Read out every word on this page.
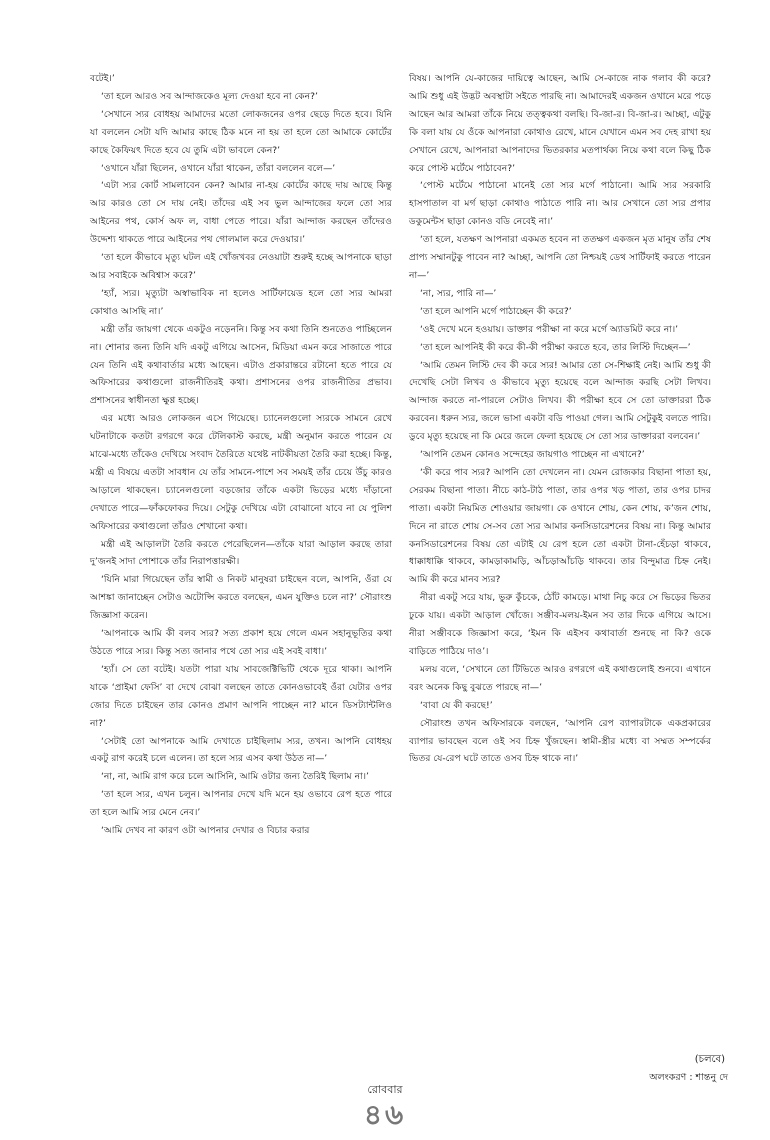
বটেই।’

‘তা হলে আরও সব আন্দাজকেও মূল্য দেওয়া হবে না কেন?’

‘সেখানে স্যর বোধহয় আমাদের মতো লোকজনের ওপর ছেড়ে দিতে হবে। যিনি যা বললেন সেটা যদি আমার কাছে ঠিক মনে না হয় তা হলে তো আমাকে কোর্টের কাছে কৈফিয়ৎ দিতে হবে যে তুমি এটা ভাবলে কেন?’

‘ওখানে যাঁরা ছিলেন, ওখানে যাঁরা থাকেন, তাঁরা বললেন বলে—’

‘এটা স্যর কোর্ট সামলাবেন কেন? আমার না-হয় কোর্টের কাছে দায় আছে কিন্তু আর কারও তো সে দায় নেই। তাঁদের এই সব ভুল আন্দাজের ফলে তো স্যর আইনের পথ, কোর্স অফ ল, বাধা পেতে পারে। যাঁরা আন্দাজ করছেন তাঁদেরও উদ্দেশ্য থাকতে পারে আইনের পথ গোলমাল করে দেওয়ার।’

‘তা হলে কীভাবে মৃত্যু ঘটল এই খোঁজখবর নেওয়াটা শুরুই হচ্ছে আপনাকে ছাড়া আর সবাইকে অবিশ্বাস করে?’

‘হ্যাঁ, স্যর। মৃত্যুটা অস্বাভাবিক না হলেও সার্টিফায়েড হলে তো স্যর আমরা কোথাও আসছি না।’

মন্ত্রী তাঁর জায়গা থেকে একটুও নড়েননি। কিন্তু সব কথা তিনি শুনতেও পাচ্ছিলেন না। শোনার জন্য তিনি যদি একটু এগিয়ে আসেন, মিডিয়া এমন করে সাজাতে পারে যেন তিনি এই কথাবার্তার মধ্যে আছেন। এটাও প্রকারান্তরে রটানো হতে পারে যে অফিসারের কথাগুলো রাজনীতিরই কথা। প্রশাসনের ওপর রাজনীতির প্রভাব। প্রশাসনের স্বাধীনতা ক্ষুণ্ণ হচ্ছে।

এর মধ্যে আরও লোকজন এসে গিয়েছে। চ্যানেলগুলো স্যরকে সামনে রেখে ঘটনাটাকে কতটা রগরগে করে টেলিকাস্ট করছে, মন্ত্রী অনুমান করতে পারেন যে মাঝে-মধ্যে তাঁকেও দেখিয়ে সংবাদ তৈরিতে যথেষ্ট নাটকীয়তা তৈরি করা হচ্ছে। কিন্তু, মন্ত্রী এ বিষয়ে এতটা সাবধান যে তাঁর সামনে-পাশে সব সময়ই তাঁর চেয়ে উঁচু কারও আড়ালে থাকছেন। চ্যানেলগুলো বড়জোর তাঁকে একটা ভিড়ের মধ্যে দাঁড়ানো দেখাতে পারে—ফাঁকফোকর দিয়ে। সেটুকু দেখিয়ে এটা বোঝানো যাবে না যে পুলিশ অফিসারের কথাগুলো তাঁরও শেখানো কথা।

মন্ত্রী এই আড়ালটা তৈরি করতে পেরেছিলেন—তাঁকে যারা আড়াল করছে তারা দু’জনই সাদা পোশাকে তাঁর নিরাপত্তারক্ষী।

‘যিনি মারা গিয়েছেন তাঁর স্বামী ও নিকট মানুষরা চাইছেন বলে, আপনি, ওঁরা যে আশঙ্কা জানাচ্ছেন সেটাও অটোপ্সি করতে বলছেন, এমন যুক্তিও চলে না?’ সৌরাংশু জিজ্ঞাসা করেন।

‘আপনাকে আমি কী বলব স্যর? সত্য প্রকাশ হয়ে গেলে এমন সহানুভূতির কথা উঠতে পারে স্যর। কিন্তু সত্য জানার পথে তো স্যর এই সবই বাধা।’

‘হ্যাঁ। সে তো বটেই। যতটা পারা যায় সাবজেক্টিভিটি থেকে দূরে থাকা। আপনি যাকে ‘প্রাইমা ফেসি’ বা দেখে বোঝা বলছেন তাতে কোনওভাবেই ওঁরা যেটার ওপর জোর দিতে চাইছেন তার কোনও প্রমাণ আপনি পাচ্ছেন না? মানে ডিসট্যান্টলিও না?’

‘সেটাই তো আপনাকে আমি দেখাতে চাইছিলাম স্যর, তখন। আপনি বোধহয় একটু রাগ করেই চলে এলেন। তা হলে স্যর এসব কথা উঠত না—’

‘না, না, আমি রাগ করে চলে আসিনি, আমি ওটার জন্য তৈরিই ছিলাম না।’

‘তা হলে স্যর, এখন চলুন। আপনার দেখে যদি মনে হয় ওভাবে রেপ হতে পারে তা হলে আমি স্যর মেনে নেব।’

‘আমি দেখব না কারণ ওটা আপনার দেখার ও বিচার করার

বিষয়। আপনি যে-কাজের দায়িত্বে আছেন, আমি সে-কাজে নাক গলাব কী করে? আমি শুধু এই উদ্ভট অবস্থাটা সইতে পারছি না। আমাদেরই একজন ওখানে মরে পড়ে আছেন আর আমরা তাঁকে নিয়ে তত্ত্বকথা বলছি। বি-জা-র। বি-জা-র। আচ্ছা, এটুকু কি বলা যায় যে ওঁকে আপনারা কোথাও রেখে, মানে যেখানে এমন সব দেহ রাখা হয় সেখানে রেখে, আপনারা আপনাদের ভিতরকার মতপার্থক্য নিয়ে কথা বলে কিছু ঠিক করে পোস্ট মর্টেমে পাঠাবেন?’

‘পোস্ট মর্টেমে পাঠানো মানেই তো স্যর মর্গে পাঠানো। আমি স্যর সরকারি হাসপাতাল বা মর্গ ছাড়া কোথাও পাঠাতে পারি না। আর সেখানে তো স্যর প্রপার ডকুমেন্টস ছাড়া কোনও বডি নেবেই না।’

‘তা হলে, যতক্ষণ আপনারা একমত হবেন না ততক্ষণ একজন মৃত মানুষ তাঁর শেষ প্রাপ্য সম্মানটুকু পাবেন না? আচ্ছা, আপনি তো নিশ্চয়ই ডেথ সার্টিফাই করতে পারেন না—’

‘না, স্যর, পারি না—’

‘তা হলে আপনি মর্গে পাঠাচ্ছেন কী করে?’

‘ওই দেখে মনে হওয়ায়। ডাক্তার পরীক্ষা না করে মর্গে অ্যাডমিট করে না।’

‘তা হলে আপনিই কী করে কী-কী পরীক্ষা করতে হবে, তার লিস্টি দিচ্ছেন—’

‘আমি তেমন লিস্টি দেব কী করে স্যর! আমার তো সে-শিক্ষাই নেই। আমি শুধু কী দেখেছি সেটা লিখব ও কীভাবে মৃত্যু হয়েছে বলে আন্দাজ করছি সেটা লিখব। আন্দাজ করতে না-পারলে সেটাও লিখব। কী পরীক্ষা হবে সে তো ডাক্তাররা ঠিক করবেন। ধরুন স্যর, জলে ভাসা একটা বডি পাওয়া গেল। আমি সেটুকুই বলতে পারি। ডুবে মৃত্যু হয়েছে না কি মেরে জলে ফেলা হয়েছে সে তো স্যর ডাক্তাররা বলবেন।’

‘আপনি তেমন কোনও সন্দেহের জায়গাও পাচ্ছেন না এখানে?’

‘কী করে পাব স্যর? আপনি তো দেখলেন না। যেমন রোজকার বিছানা পাতা হয়, সেরকম বিছানা পাতা। নীচে কাঠ-টাঠ পাতা, তার ওপর খড় পাতা, তার ওপর চাদর পাতা। একটা নিয়মিত শোওয়ার জায়গা। কে ওখানে শোয়, কেন শোয়, ক’জন শোয়, দিনে না রাতে শোয় সে-সব তো স্যর আমার কনসিডারেশনের বিষয় না। কিন্তু আমার কনসিডারেশনের বিষয় তো এটাই যে রেপ হলে তো একটা টানা-হেঁচড়া থাকবে, ধাক্কাধাক্কি থাকবে, কামড়াকামড়ি, আঁচড়াআঁচড়ি থাকবে। তার বিন্দুমাত্র চিহ্ন নেই। আমি কী করে মানব স্যর?

নীরা একটু সরে যায়, ভুরু কুঁচকে, ঠোঁট কামড়ে। মাথা নিচু করে সে ভিড়ের ভিতর ঢুকে যায়। একটা আড়াল খোঁজে। সঞ্জীব-মলয়-ইমন সব তার দিকে এগিয়ে আসে। নীরা সঞ্জীবকে জিজ্ঞাসা করে, ‘ইমন কি এইসব কথাবার্তা শুনছে না কি? ওকে বাড়িতে পাঠিয়ে দাও’।

মলয় বলে, ‘সেখানে তো টিভিতে আরও রগরগে এই কথাগুলোই শুনবে। এখানে বরং অনেক কিছু বুঝতে পারছে না—’

‘বাবা যে কী করছে!’

সৌরাংশু তখন অফিসারকে বলছেন, ‘আপনি রেপ ব্যাপারটাকে একপ্রকারের ব্যাপার ভাবছেন বলে ওই সব চিহ্ন খুঁজছেন। স্বামী-স্ত্রীর মধ্যে বা সম্মত সম্পর্কের ভিতর যে-রেপ ঘটে তাতে ওসব চিহ্ন থাকে না।’

(চলবে)
অলংকরণ : শান্তনু দে
রোববার
৪৬
